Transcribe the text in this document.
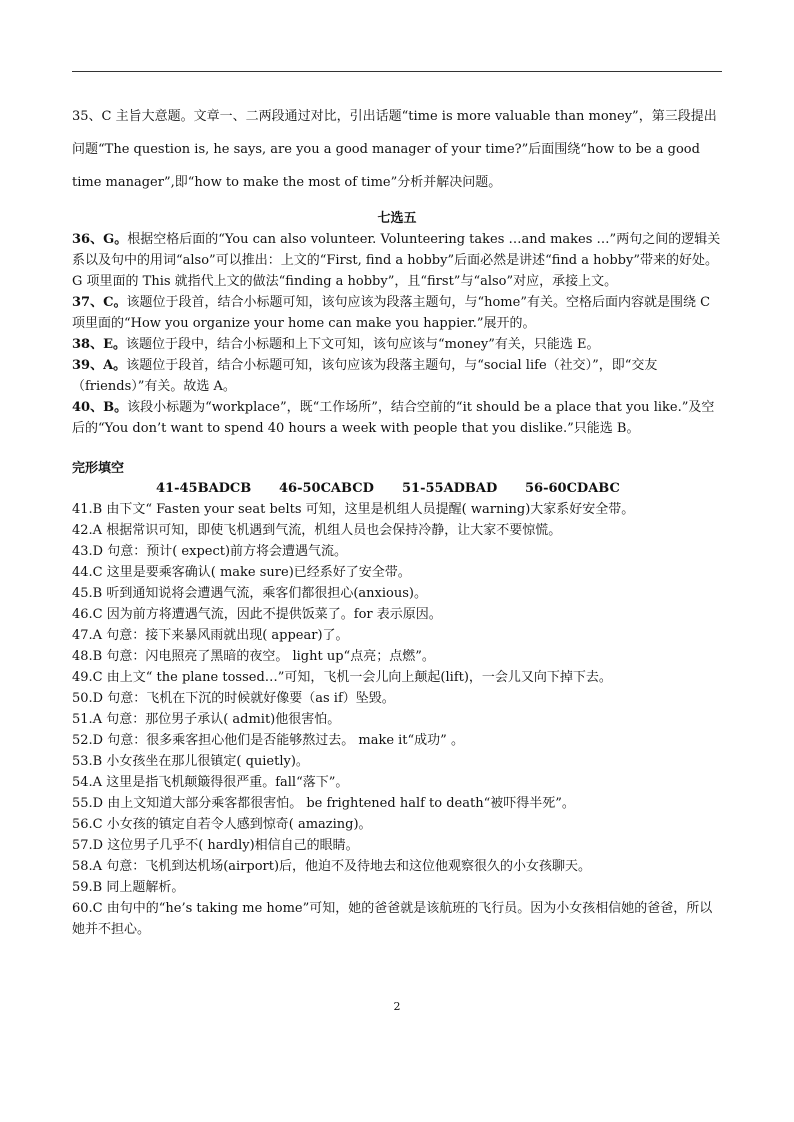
35、C 主旨大意题。文章一、二两段通过对比，引出话题“time is more valuable than money”，第三段提出问题“The question is, he says, are you a good manager of your time?”后面围绕“how to be a good time manager”,即“how to make the most of time”分析并解决问题。

七选五

36、G。根据空格后面的“You can also volunteer. Volunteering takes …and makes …”两句之间的逻辑关系以及句中的用词“also”可以推出：上文的“First, find a hobby”后面必然是讲述“find a hobby”带来的好处。G 项里面的 This 就指代上文的做法“finding a hobby”，且“first”与“also”对应，承接上文。

37、C。该题位于段首，结合小标题可知，该句应该为段落主题句，与“home”有关。空格后面内容就是围绕 C 项里面的“How you organize your home can make you happier.”展开的。

38、E。该题位于段中，结合小标题和上下文可知，该句应该与“money”有关，只能选 E。

39、A。该题位于段首，结合小标题可知，该句应该为段落主题句，与“social life（社交）”，即“交友（friends）”有关。故选 A。

40、B。该段小标题为“workplace”，既“工作场所”，结合空前的“it should be a place that you like.”及空后的“You don’t want to spend 40 hours a week with people that you dislike.”只能选 B。

完形填空

41-45BADCB	46-50CABCD	51-55ADBAD	56-60CDABC

41.B 由下文“ Fasten your seat belts 可知，这里是机组人员提醒( warning)大家系好安全带。

42.A 根据常识可知，即使飞机遇到气流，机组人员也会保持冷静，让大家不要惊慌。

43.D 句意：预计( expect)前方将会遭遇气流。

44.C 这里是要乘客确认( make sure)已经系好了安全带。

45.B 听到通知说将会遭遇气流，乘客们都很担心(anxious)。

46.C 因为前方将遭遇气流，因此不提供饭菜了。for 表示原因。

47.A 句意：接下来暴风雨就出现( appear)了。

48.B 句意：闪电照亮了黑暗的夜空。 light up“点亮；点燃”。

49.C 由上文“ the plane tossed…”可知，飞机一会儿向上颠起(lift)，一会儿又向下掉下去。

50.D 句意：飞机在下沉的时候就好像要（as if）坠毁。

51.A 句意：那位男子承认( admit)他很害怕。

52.D 句意：很多乘客担心他们是否能够熬过去。 make it“成功” 。

53.B 小女孩坐在那儿很镇定( quietly)。

54.A 这里是指飞机颠簸得很严重。fall“落下”。

55.D 由上文知道大部分乘客都很害怕。 be frightened half to death“被吓得半死”。

56.C 小女孩的镇定自若令人感到惊奇( amazing)。

57.D 这位男子几乎不( hardly)相信自己的眼睛。

58.A 句意：飞机到达机场(airport)后，他迫不及待地去和这位他观察很久的小女孩聊天。

59.B 同上题解析。

60.C 由句中的“he’s taking me home”可知，她的爸爸就是该航班的飞行员。因为小女孩相信她的爸爸，所以她并不担心。

2
